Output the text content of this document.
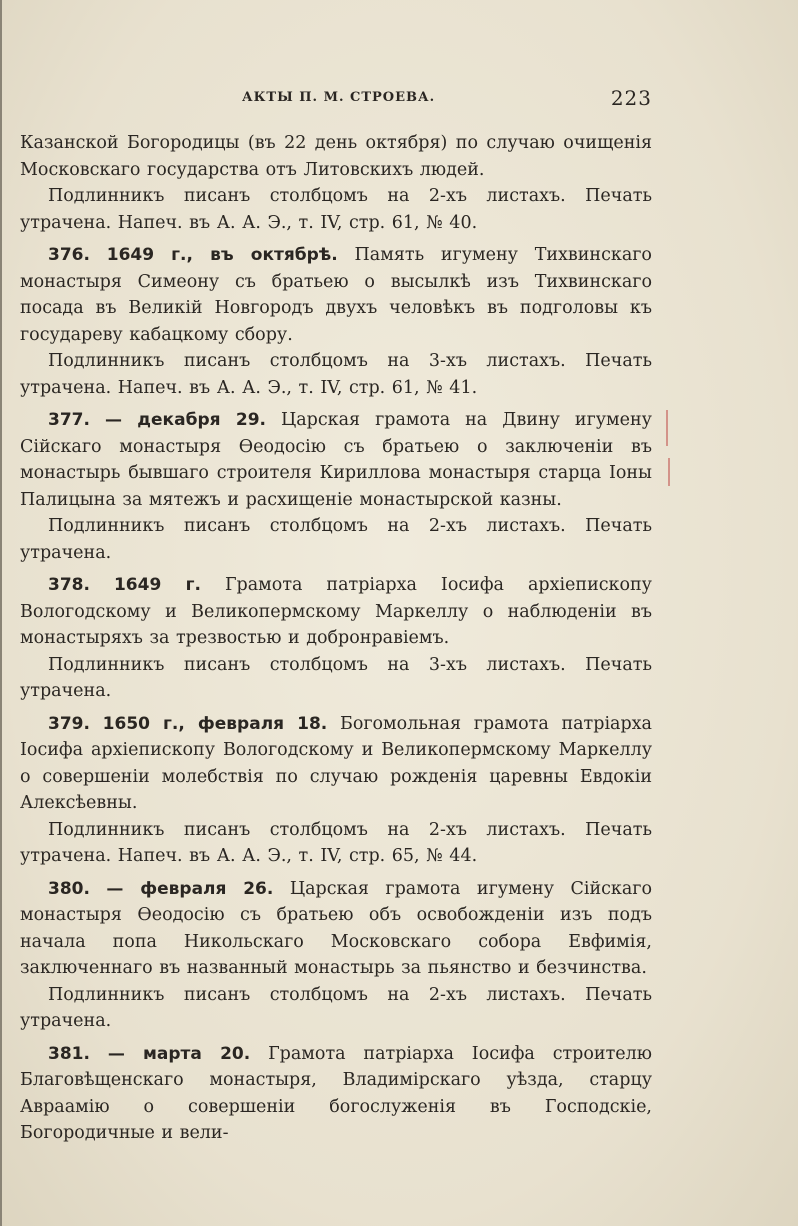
АКТЫ П. М. СТРОЕВА.	223

Казанской Богородицы (въ 22 день октября) по случаю очищенія Московскаго государства отъ Литовскихъ людей.

Подлинникъ писанъ столбцомъ на 2-хъ листахъ. Печать утрачена. Напеч. въ А. А. Э., т. IV, стр. 61, № 40.

376. 1649 г., въ октябрѣ. Память игумену Тихвинскаго монастыря Симеону съ братьею о высылкѣ изъ Тихвинскаго посада въ Великій Новгородъ двухъ человѣкъ въ подголовы къ государеву кабацкому сбору.

Подлинникъ писанъ столбцомъ на 3-хъ листахъ. Печать утрачена. Напеч. въ А. А. Э., т. IV, стр. 61, № 41.

377. — декабря 29. Царская грамота на Двину игумену Сійскаго монастыря Ѳеодосію съ братьею о заключеніи въ монастырь бывшаго строителя Кириллова монастыря старца Іоны Палицына за мятежъ и расхищеніе монастырской казны.

Подлинникъ писанъ столбцомъ на 2-хъ листахъ. Печать утрачена.

378. 1649 г. Грамота патріарха Іосифа архіепископу Вологодскому и Великопермскому Маркеллу о наблюденіи въ монастыряхъ за трезвостью и добронравіемъ.

Подлинникъ писанъ столбцомъ на 3-хъ листахъ. Печать утрачена.

379. 1650 г., февраля 18. Богомольная грамота патріарха Іосифа архіепископу Вологодскому и Великопермскому Маркеллу о совершеніи молебствія по случаю рожденія царевны Евдокіи Алексѣевны.

Подлинникъ писанъ столбцомъ на 2-хъ листахъ. Печать утрачена. Напеч. въ А. А. Э., т. IV, стр. 65, № 44.

380. — февраля 26. Царская грамота игумену Сійскаго монастыря Ѳеодосію съ братьею объ освобожденіи изъ подъ начала попа Никольскаго Московскаго собора Евфимія, заключеннаго въ названный монастырь за пьянство и безчинства.

Подлинникъ писанъ столбцомъ на 2-хъ листахъ. Печать утрачена.

381. — марта 20. Грамота патріарха Іосифа строителю Благовѣщенскаго монастыря, Владимірскаго уѣзда, старцу Авраамію о совершеніи богослуженія въ Господскіе, Богородичные и вели-
